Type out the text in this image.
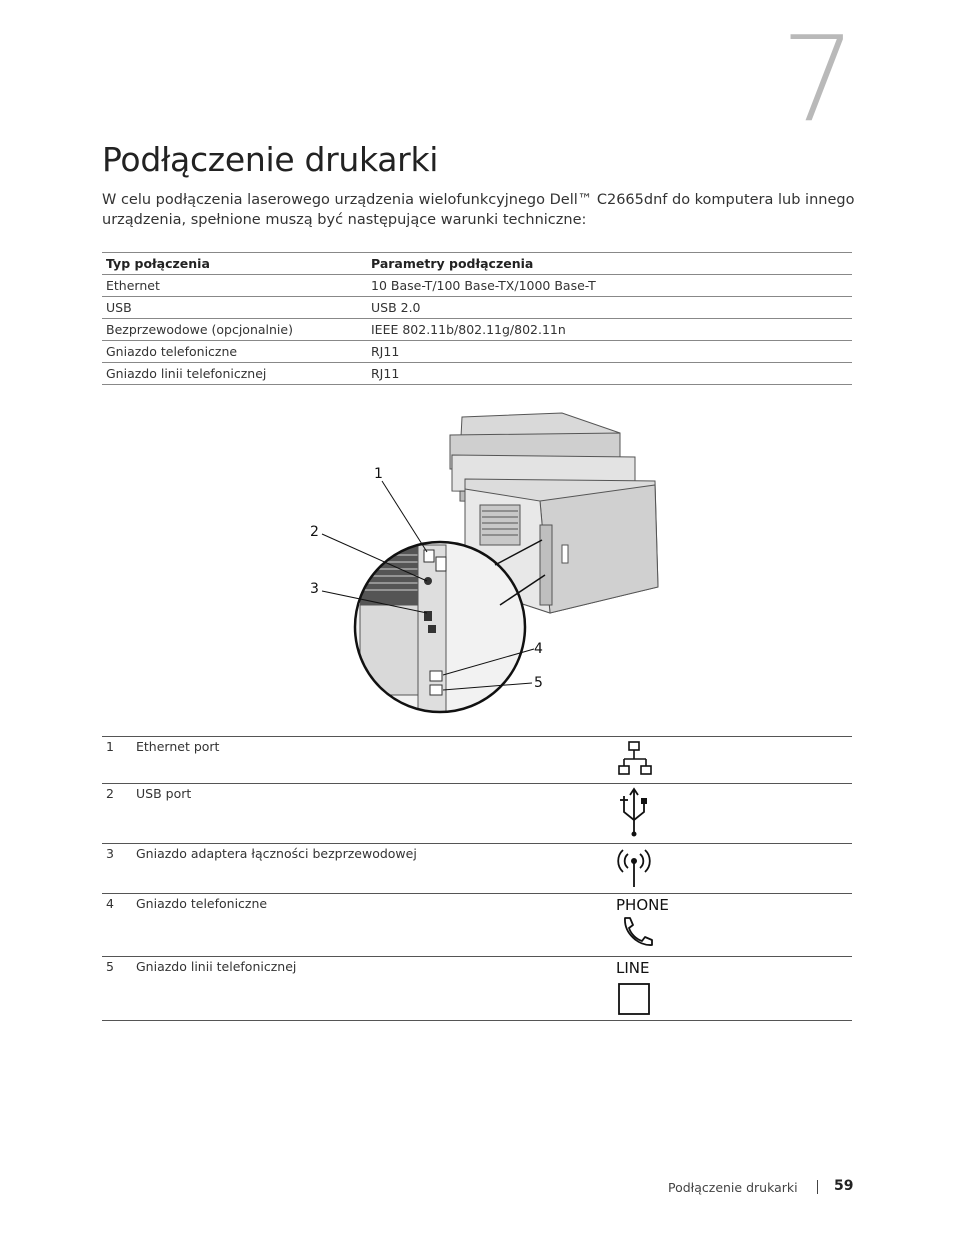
7
Podłączenie drukarki

W celu podłączenia laserowego urządzenia wielofunkcyjnego Dell™ C2665dnf do komputera lub innego urządzenia, spełnione muszą być następujące warunki techniczne:

Typ połączenia	Parametry podłączenia
Ethernet	10 Base-T/100 Base-TX/1000 Base-T
USB	USB 2.0
Bezprzewodowe (opcjonalnie)	IEEE 802.11b/802.11g/802.11n
Gniazdo telefoniczne	RJ11
Gniazdo linii telefonicznej	RJ11
1
2
3
4
5
1	Ethernet port	

2	USB port	

3	Gniazdo adaptera łączności bezprzewodowej	

4	Gniazdo telefoniczne	PHONE

5	Gniazdo linii telefonicznej	LINE
Podłączenie drukarki	59
